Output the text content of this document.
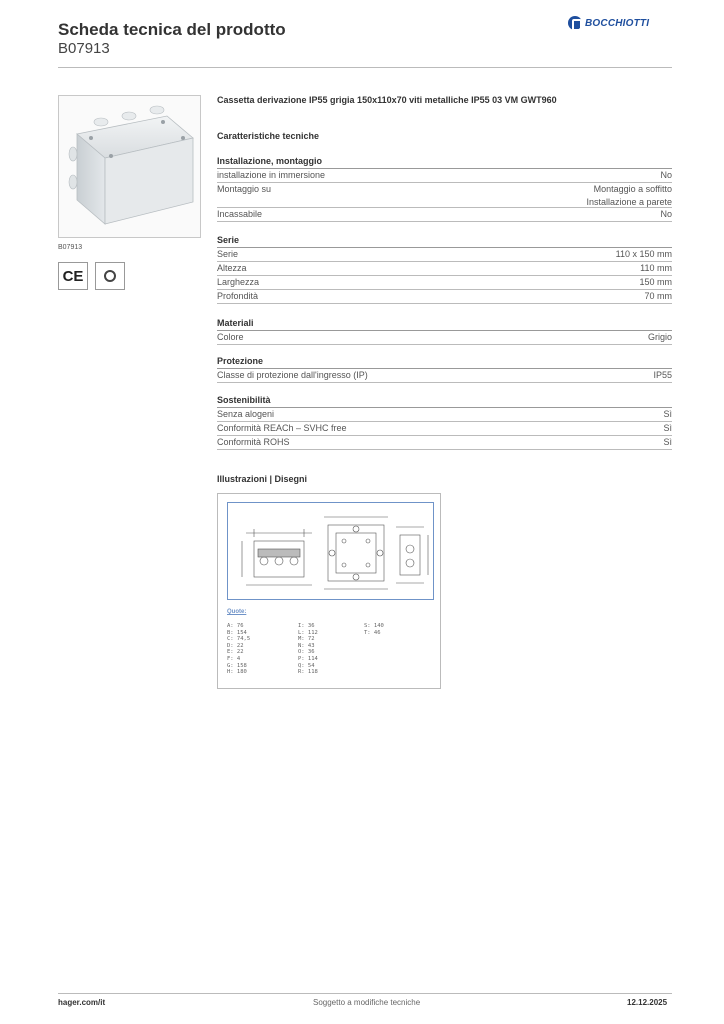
Scheda tecnica del prodotto
B07913
BOCCHIOTTI
B07913
CE
Cassetta derivazione IP55 grigia 150x110x70 viti metalliche IP55 03 VM GWT960
Caratteristiche tecniche
Installazione, montaggio
installazione in immersione	No
Montaggio su	Montaggio a soffitto
Installazione a parete
Incassabile	No
Serie
Serie	110 x 150 mm
Altezza	110 mm
Larghezza	150 mm
Profondità	70 mm
Materiali
Colore	Grigio
Protezione
Classe di protezione dall'ingresso (IP)	IP55
Sostenibilità
Senza alogeni	Sì
Conformità REACh – SVHC free	Sì
Conformità ROHS	Sì
Illustrazioni | Disegni
Quote:
A: 76
B: 154
C: 74,5
D: 22
E: 22
F: 4
G: 158
H: 180
I: 36
L: 112
M: 72
N: 43
O: 36
P: 114
Q: 54
R: 118
S: 140
T: 46
hager.com/it	Soggetto a modifiche tecniche	12.12.2025
